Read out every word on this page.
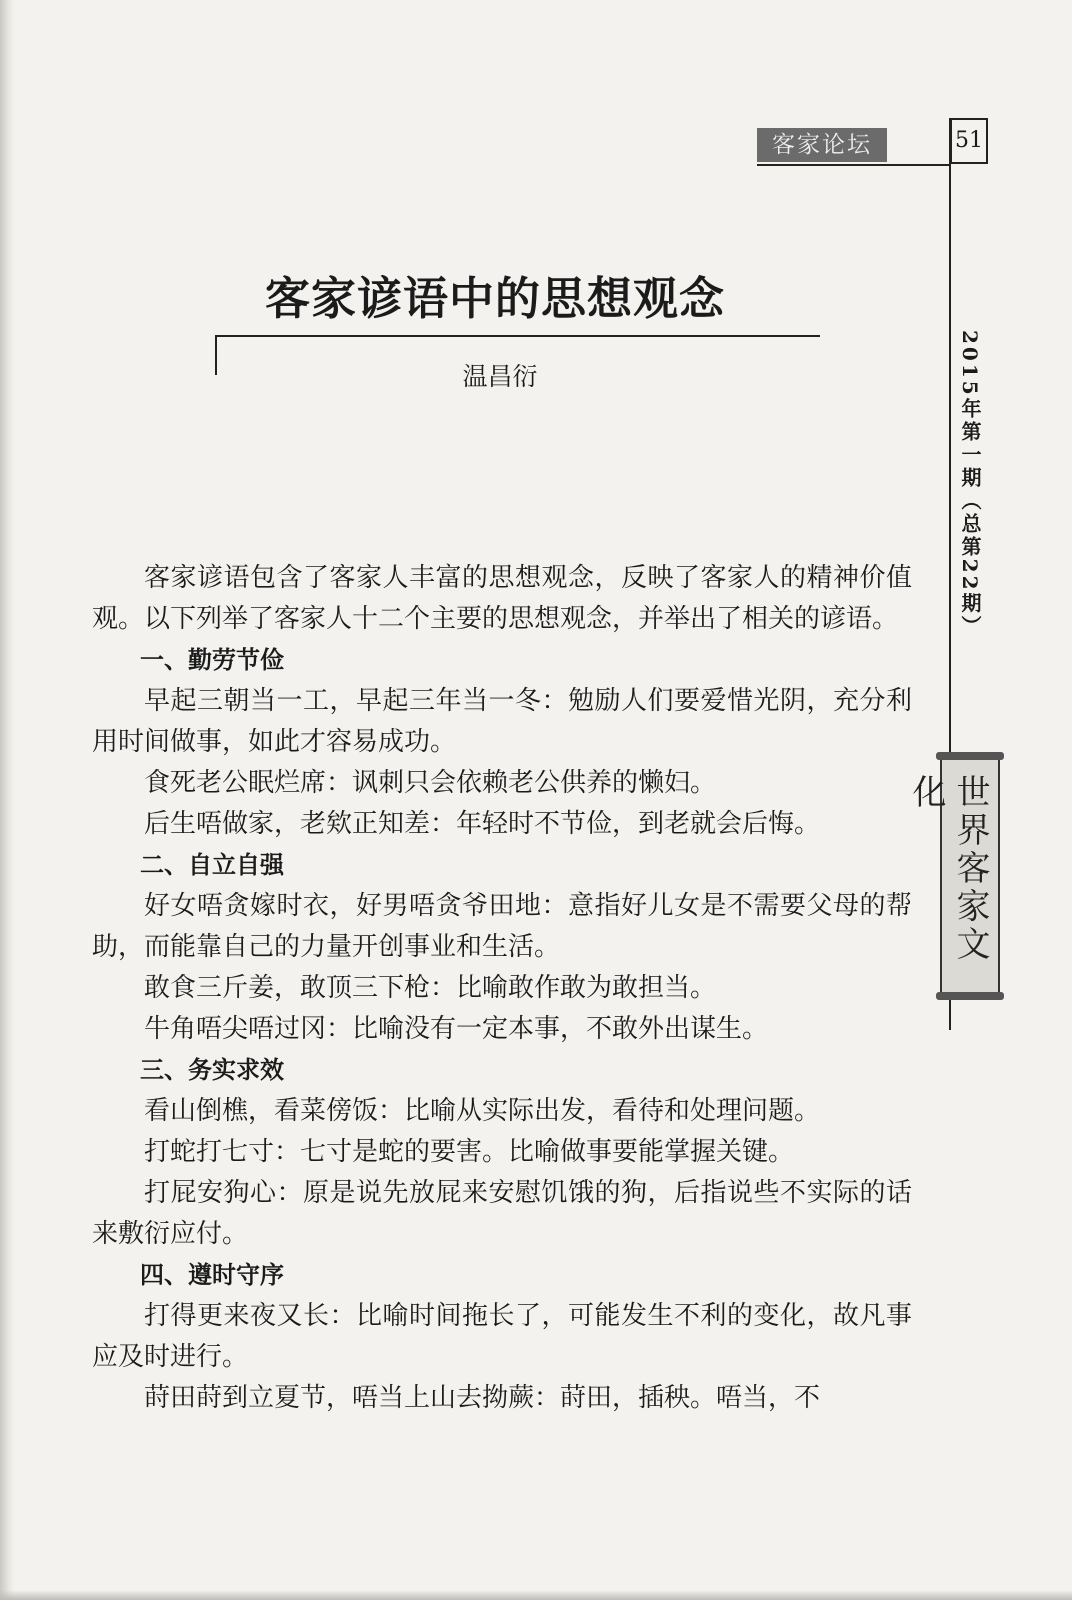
客家论坛	51
2015年第一期（总第22期）
世界客家文化
客家谚语中的思想观念
温昌衍

客家谚语包含了客家人丰富的思想观念，反映了客家人的精神价值观。以下列举了客家人十二个主要的思想观念，并举出了相关的谚语。

一、勤劳节俭

早起三朝当一工，早起三年当一冬：勉励人们要爱惜光阴，充分利用时间做事，如此才容易成功。

食死老公眠烂席：讽刺只会依赖老公供养的懒妇。

后生唔做家，老欸正知差：年轻时不节俭，到老就会后悔。

二、自立自强

好女唔贪嫁时衣，好男唔贪爷田地：意指好儿女是不需要父母的帮助，而能靠自己的力量开创事业和生活。

敢食三斤姜，敢顶三下枪：比喻敢作敢为敢担当。

牛角唔尖唔过冈：比喻没有一定本事，不敢外出谋生。

三、务实求效

看山倒樵，看菜傍饭：比喻从实际出发，看待和处理问题。

打蛇打七寸：七寸是蛇的要害。比喻做事要能掌握关键。

打屁安狗心：原是说先放屁来安慰饥饿的狗，后指说些不实际的话来敷衍应付。

四、遵时守序

打得更来夜又长：比喻时间拖长了，可能发生不利的变化，故凡事应及时进行。

莳田莳到立夏节，唔当上山去拗蕨：莳田，插秧。唔当，不
